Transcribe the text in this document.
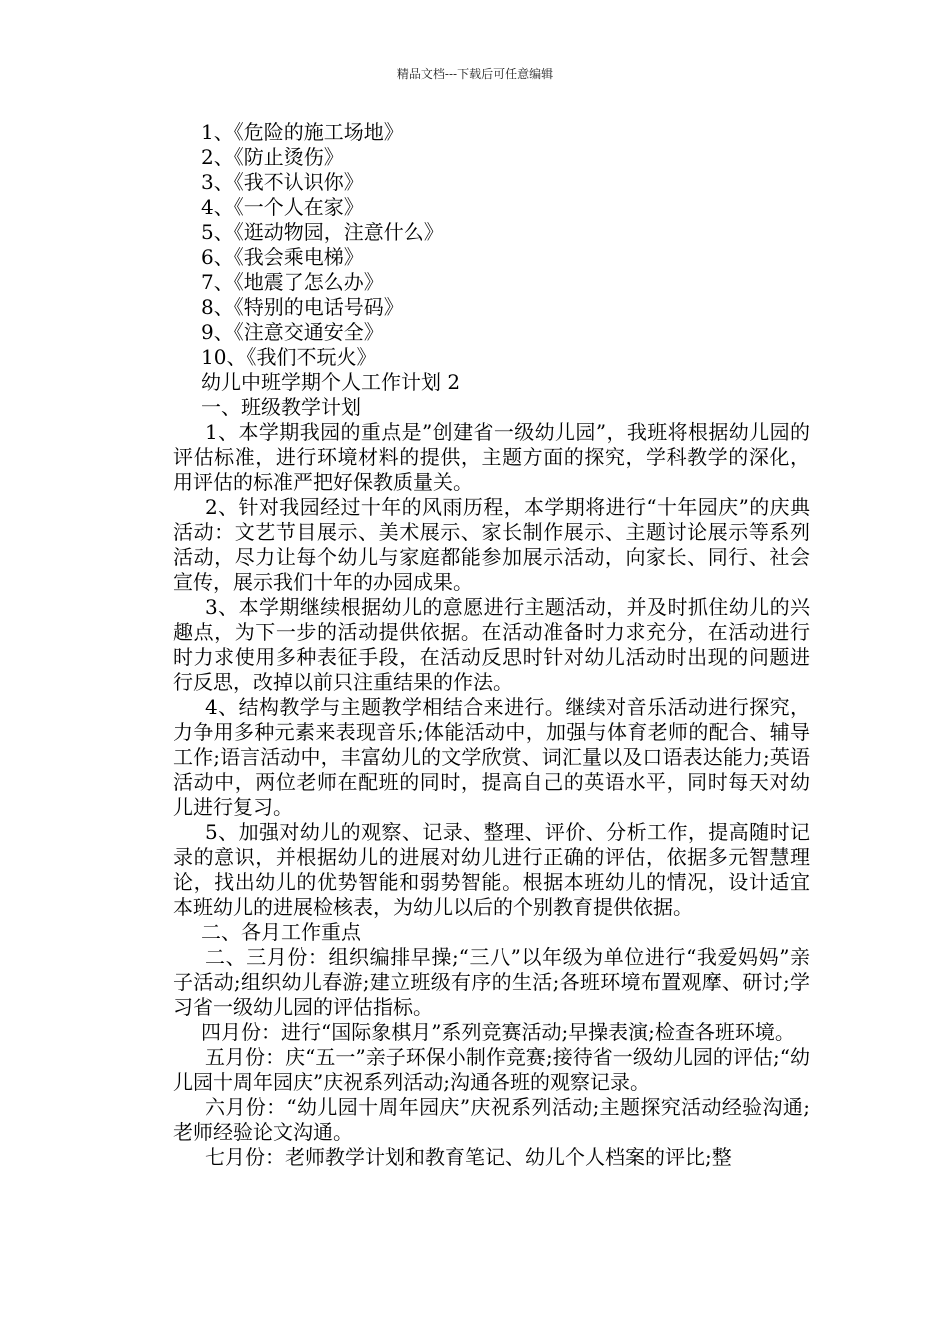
精品文档---下载后可任意编辑
1、《危险的施工场地》
2、《防止烫伤》
3、《我不认识你》
4、《一个人在家》
5、《逛动物园，注意什么》
6、《我会乘电梯》
7、《地震了怎么办》
8、《特别的电话号码》
9、《注意交通安全》
10、《我们不玩火》
幼儿中班学期个人工作计划 2
一、班级教学计划
1、本学期我园的重点是”创建省一级幼儿园”，我班将根据幼儿园的评估标准，进行环境材料的提供，主题方面的探究，学科教学的深化，用评估的标准严把好保教质量关。
2、针对我园经过十年的风雨历程，本学期将进行“十年园庆”的庆典活动：文艺节目展示、美术展示、家长制作展示、主题讨论展示等系列活动，尽力让每个幼儿与家庭都能参加展示活动，向家长、同行、社会宣传，展示我们十年的办园成果。
3、本学期继续根据幼儿的意愿进行主题活动，并及时抓住幼儿的兴趣点，为下一步的活动提供依据。在活动准备时力求充分，在活动进行时力求使用多种表征手段，在活动反思时针对幼儿活动时出现的问题进行反思，改掉以前只注重结果的作法。
4、结构教学与主题教学相结合来进行。继续对音乐活动进行探究，力争用多种元素来表现音乐;体能活动中，加强与体育老师的配合、辅导工作;语言活动中，丰富幼儿的文学欣赏、词汇量以及口语表达能力;英语活动中，两位老师在配班的同时，提高自己的英语水平，同时每天对幼儿进行复习。
5、加强对幼儿的观察、记录、整理、评价、分析工作，提高随时记录的意识，并根据幼儿的进展对幼儿进行正确的评估，依据多元智慧理论，找出幼儿的优势智能和弱势智能。根据本班幼儿的情况，设计适宜本班幼儿的进展检核表，为幼儿以后的个别教育提供依据。
二、各月工作重点
二、三月份：组织编排早操;“三八”以年级为单位进行“我爱妈妈”亲子活动;组织幼儿春游;建立班级有序的生活;各班环境布置观摩、研讨;学习省一级幼儿园的评估指标。
四月份：进行“国际象棋月”系列竞赛活动;早操表演;检查各班环境。
五月份：庆“五一”亲子环保小制作竞赛;接待省一级幼儿园的评估;“幼儿园十周年园庆”庆祝系列活动;沟通各班的观察记录。
六月份：“幼儿园十周年园庆”庆祝系列活动;主题探究活动经验沟通;老师经验论文沟通。
七月份：老师教学计划和教育笔记、幼儿个人档案的评比;整
